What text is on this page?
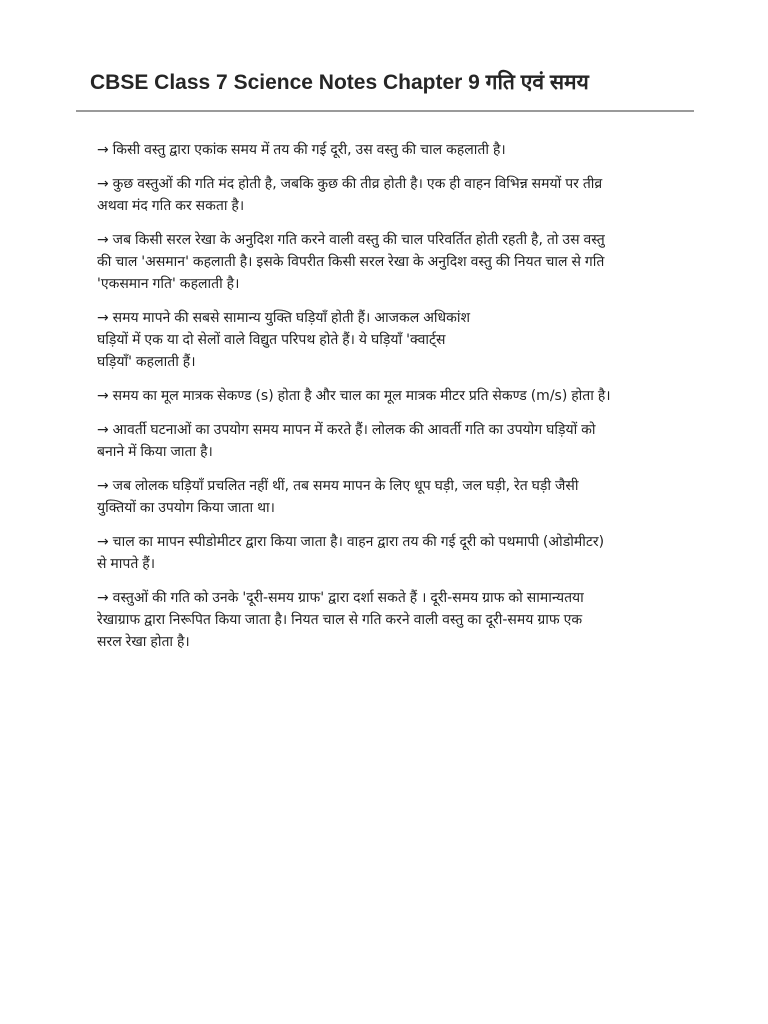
CBSE Class 7 Science Notes Chapter 9 गति एवं समय
→ किसी वस्तु द्वारा एकांक समय में तय की गई दूरी, उस वस्तु की चाल कहलाती है।
→ कुछ वस्तुओं की गति मंद होती है, जबकि कुछ की तीव्र होती है। एक ही वाहन विभिन्न समयों पर तीव्र
अथवा मंद गति कर सकता है।
→ जब किसी सरल रेखा के अनुदिश गति करने वाली वस्तु की चाल परिवर्तित होती रहती है, तो उस वस्तु
की चाल 'असमान' कहलाती है। इसके विपरीत किसी सरल रेखा के अनुदिश वस्तु की नियत चाल से गति
'एकसमान गति' कहलाती है।
→ समय मापने की सबसे सामान्य युक्ति घड़ियाँ होती हैं। आजकल अधिकांश
घड़ियों में एक या दो सेलों वाले विद्युत परिपथ होते हैं। ये घड़ियाँ 'क्वार्ट्स
घड़ियाँ' कहलाती हैं।
→ समय का मूल मात्रक सेकण्ड (s) होता है और चाल का मूल मात्रक मीटर प्रति सेकण्ड (m/s) होता है।
→ आवर्ती घटनाओं का उपयोग समय मापन में करते हैं। लोलक की आवर्ती गति का उपयोग घड़ियों को
बनाने में किया जाता है।
→ जब लोलक घड़ियाँ प्रचलित नहीं थीं, तब समय मापन के लिए धूप घड़ी, जल घड़ी, रेत घड़ी जैसी
युक्तियों का उपयोग किया जाता था।
→ चाल का मापन स्पीडोमीटर द्वारा किया जाता है। वाहन द्वारा तय की गई दूरी को पथमापी (ओडोमीटर)
से मापते हैं।
→ वस्तुओं की गति को उनके 'दूरी-समय ग्राफ' द्वारा दर्शा सकते हैं । दूरी-समय ग्राफ को सामान्यतया
रेखाग्राफ द्वारा निरूपित किया जाता है। नियत चाल से गति करने वाली वस्तु का दूरी-समय ग्राफ एक
सरल रेखा होता है।
